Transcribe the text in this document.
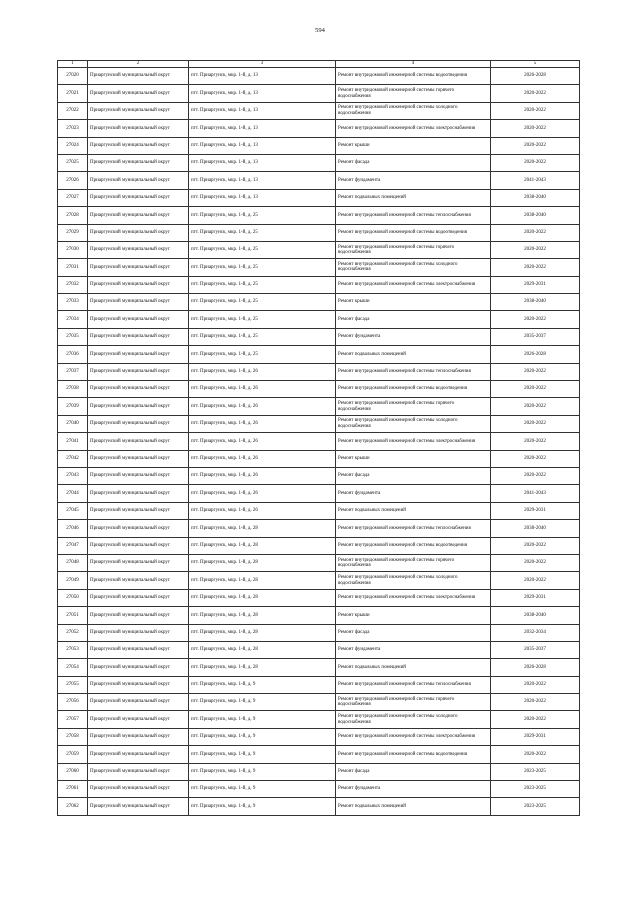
594
1	2	3	4	5
27020	Приаргунский муниципальный округ	пгт. Приаргунск, мкр. 1-й, д. 13	Ремонт внутридомовой инженерной системы водоотведения	2026-2028
27021	Приаргунский муниципальный округ	пгт. Приаргунск, мкр. 1-й, д. 13	Ремонт внутридомовой инженерной системы горячего водоснабжения	2020-2022
27022	Приаргунский муниципальный округ	пгт. Приаргунск, мкр. 1-й, д. 13	Ремонт внутридомовой инженерной системы холодного водоснабжения	2020-2022
27023	Приаргунский муниципальный округ	пгт. Приаргунск, мкр. 1-й, д. 13	Ремонт внутридомовой инженерной системы электроснабжения	2020-2022
27024	Приаргунский муниципальный округ	пгт. Приаргунск, мкр. 1-й, д. 13	Ремонт крыши	2020-2022
27025	Приаргунский муниципальный округ	пгт. Приаргунск, мкр. 1-й, д. 13	Ремонт фасада	2020-2022
27026	Приаргунский муниципальный округ	пгт. Приаргунск, мкр. 1-й, д. 13	Ремонт фундамента	2041-2043
27027	Приаргунский муниципальный округ	пгт. Приаргунск, мкр. 1-й, д. 13	Ремонт подвальных помещений	2038-2040
27028	Приаргунский муниципальный округ	пгт. Приаргунск, мкр. 1-й, д. 25	Ремонт внутридомовой инженерной системы теплоснабжения	2038-2040
27029	Приаргунский муниципальный округ	пгт. Приаргунск, мкр. 1-й, д. 25	Ремонт внутридомовой инженерной системы водоотведения	2020-2022
27030	Приаргунский муниципальный округ	пгт. Приаргунск, мкр. 1-й, д. 25	Ремонт внутридомовой инженерной системы горячего водоснабжения	2020-2022
27031	Приаргунский муниципальный округ	пгт. Приаргунск, мкр. 1-й, д. 25	Ремонт внутридомовой инженерной системы холодного водоснабжения	2020-2022
27032	Приаргунский муниципальный округ	пгт. Приаргунск, мкр. 1-й, д. 25	Ремонт внутридомовой инженерной системы электроснабжения	2029-2031
27033	Приаргунский муниципальный округ	пгт. Приаргунск, мкр. 1-й, д. 25	Ремонт крыши	2038-2040
27034	Приаргунский муниципальный округ	пгт. Приаргунск, мкр. 1-й, д. 25	Ремонт фасада	2020-2022
27035	Приаргунский муниципальный округ	пгт. Приаргунск, мкр. 1-й, д. 25	Ремонт фундамента	2035-2037
27036	Приаргунский муниципальный округ	пгт. Приаргунск, мкр. 1-й, д. 25	Ремонт подвальных помещений	2026-2028
27037	Приаргунский муниципальный округ	пгт. Приаргунск, мкр. 1-й, д. 26	Ремонт внутридомовой инженерной системы теплоснабжения	2020-2022
27038	Приаргунский муниципальный округ	пгт. Приаргунск, мкр. 1-й, д. 26	Ремонт внутридомовой инженерной системы водоотведения	2020-2022
27039	Приаргунский муниципальный округ	пгт. Приаргунск, мкр. 1-й, д. 26	Ремонт внутридомовой инженерной системы горячего водоснабжения	2020-2022
27040	Приаргунский муниципальный округ	пгт. Приаргунск, мкр. 1-й, д. 26	Ремонт внутридомовой инженерной системы холодного водоснабжения	2020-2022
27041	Приаргунский муниципальный округ	пгт. Приаргунск, мкр. 1-й, д. 26	Ремонт внутридомовой инженерной системы электроснабжения	2020-2022
27042	Приаргунский муниципальный округ	пгт. Приаргунск, мкр. 1-й, д. 26	Ремонт крыши	2020-2022
27043	Приаргунский муниципальный округ	пгт. Приаргунск, мкр. 1-й, д. 26	Ремонт фасада	2020-2022
27044	Приаргунский муниципальный округ	пгт. Приаргунск, мкр. 1-й, д. 26	Ремонт фундамента	2041-2043
27045	Приаргунский муниципальный округ	пгт. Приаргунск, мкр. 1-й, д. 26	Ремонт подвальных помещений	2029-2031
27046	Приаргунский муниципальный округ	пгт. Приаргунск, мкр. 1-й, д. 28	Ремонт внутридомовой инженерной системы теплоснабжения	2038-2040
27047	Приаргунский муниципальный округ	пгт. Приаргунск, мкр. 1-й, д. 28	Ремонт внутридомовой инженерной системы водоотведения	2020-2022
27048	Приаргунский муниципальный округ	пгт. Приаргунск, мкр. 1-й, д. 28	Ремонт внутридомовой инженерной системы горячего водоснабжения	2020-2022
27049	Приаргунский муниципальный округ	пгт. Приаргунск, мкр. 1-й, д. 28	Ремонт внутридомовой инженерной системы холодного водоснабжения	2020-2022
27050	Приаргунский муниципальный округ	пгт. Приаргунск, мкр. 1-й, д. 28	Ремонт внутридомовой инженерной системы электроснабжения	2029-2031
27051	Приаргунский муниципальный округ	пгт. Приаргунск, мкр. 1-й, д. 28	Ремонт крыши	2038-2040
27052	Приаргунский муниципальный округ	пгт. Приаргунск, мкр. 1-й, д. 28	Ремонт фасада	2032-2034
27053	Приаргунский муниципальный округ	пгт. Приаргунск, мкр. 1-й, д. 28	Ремонт фундамента	2035-2037
27054	Приаргунский муниципальный округ	пгт. Приаргунск, мкр. 1-й, д. 28	Ремонт подвальных помещений	2026-2028
27055	Приаргунский муниципальный округ	пгт. Приаргунск, мкр. 1-й, д. 9	Ремонт внутридомовой инженерной системы теплоснабжения	2020-2022
27056	Приаргунский муниципальный округ	пгт. Приаргунск, мкр. 1-й, д. 9	Ремонт внутридомовой инженерной системы горячего водоснабжения	2020-2022
27057	Приаргунский муниципальный округ	пгт. Приаргунск, мкр. 1-й, д. 9	Ремонт внутридомовой инженерной системы холодного водоснабжения	2020-2022
27058	Приаргунский муниципальный округ	пгт. Приаргунск, мкр. 1-й, д. 9	Ремонт внутридомовой инженерной системы электроснабжения	2029-2031
27059	Приаргунский муниципальный округ	пгт. Приаргунск, мкр. 1-й, д. 9	Ремонт внутридомовой инженерной системы водоотведения	2020-2022
27060	Приаргунский муниципальный округ	пгт. Приаргунск, мкр. 1-й, д. 9	Ремонт фасада	2023-2025
27061	Приаргунский муниципальный округ	пгт. Приаргунск, мкр. 1-й, д. 9	Ремонт фундамента	2023-2025
27062	Приаргунский муниципальный округ	пгт. Приаргунск, мкр. 1-й, д. 9	Ремонт подвальных помещений	2023-2025
